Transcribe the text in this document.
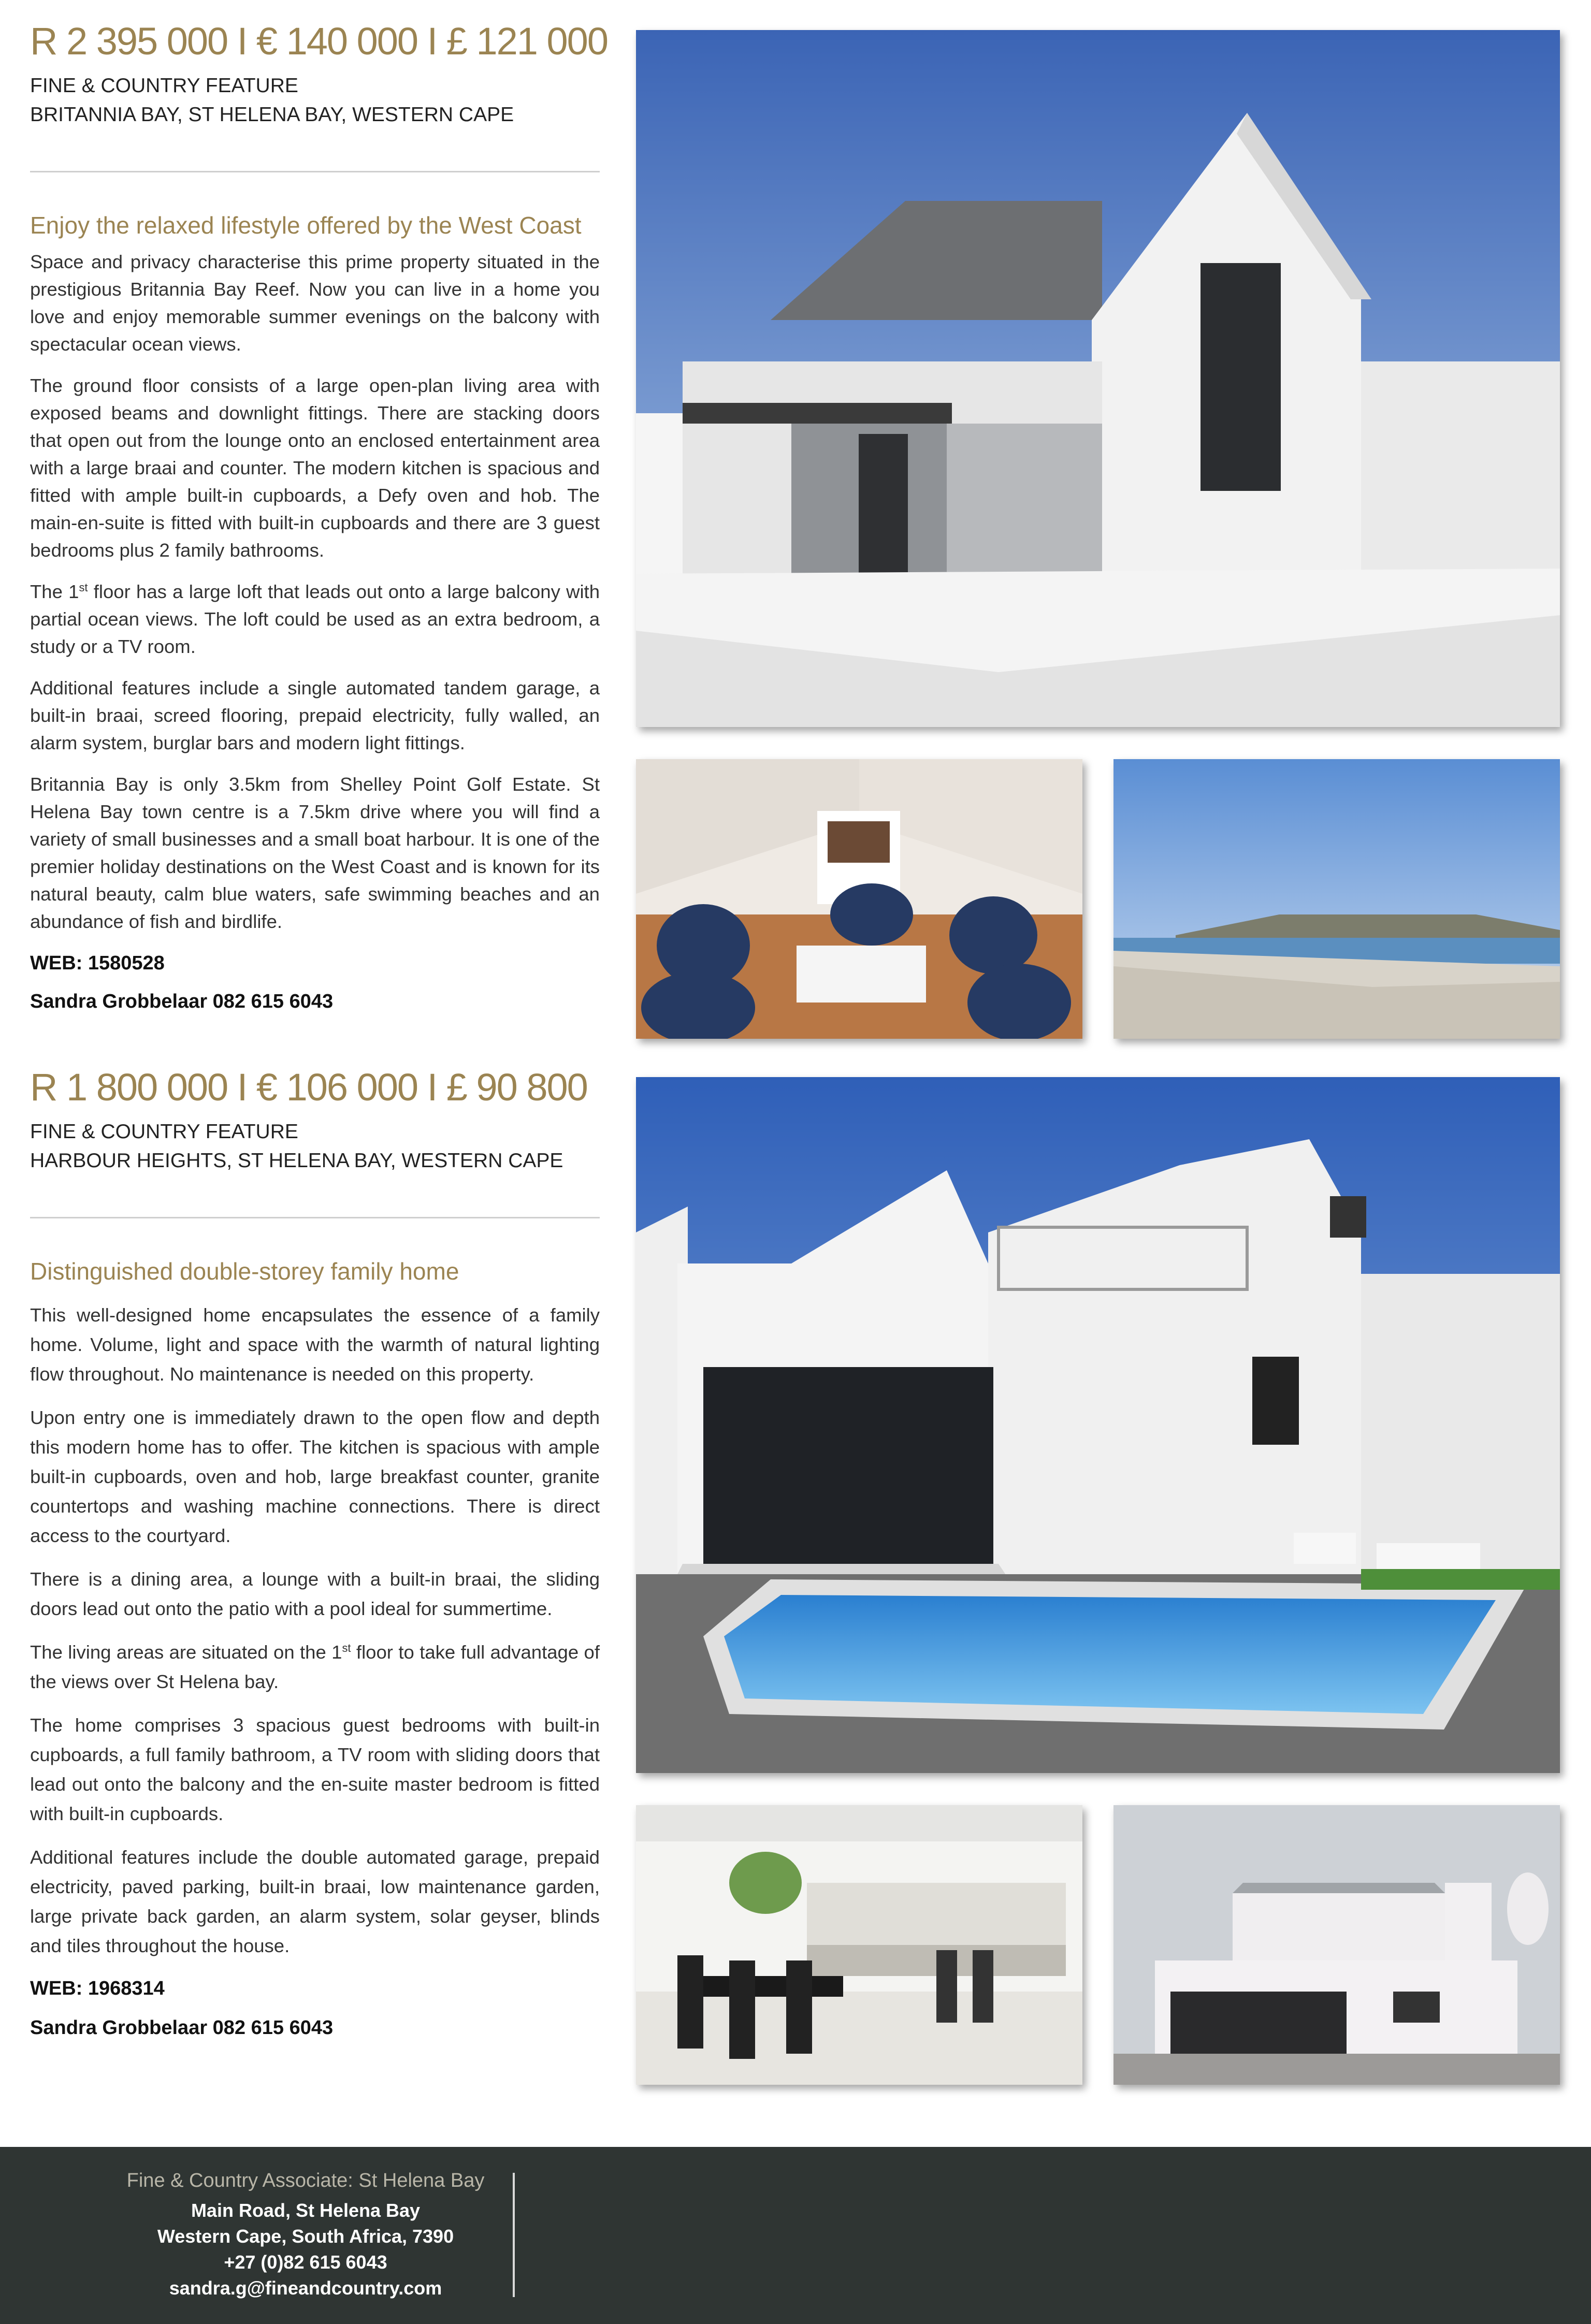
R 2 395 000 I € 140 000 I £ 121 000

FINE & COUNTRY FEATURE

BRITANNIA BAY, ST HELENA BAY, WESTERN CAPE

Enjoy the relaxed lifestyle offered by the West Coast

Space and privacy characterise this prime property situated in the prestigious Britannia Bay Reef. Now you can live in a home you love and enjoy memorable summer evenings on the balcony with spectacular ocean views.

The ground floor consists of a large open-plan living area with exposed beams and downlight fittings. There are stacking doors that open out from the lounge onto an enclosed entertainment area with a large braai and counter. The modern kitchen is spacious and fitted with ample built-in cupboards, a Defy oven and hob. The main-en-suite is fitted with built-in cupboards and there are 3 guest bedrooms plus 2 family bathrooms.

The 1st floor has a large loft that leads out onto a large balcony with partial ocean views. The loft could be used as an extra bedroom, a study or a TV room.

Additional features include a single automated tandem garage, a built-in braai, screed flooring, prepaid electricity, fully walled, an alarm system, burglar bars and modern light fittings.

Britannia Bay is only 3.5km from Shelley Point Golf Estate. St Helena Bay town centre is a 7.5km drive where you will find a variety of small businesses and a small boat harbour. It is one of the premier holiday destinations on the West Coast and is known for its natural beauty, calm blue waters, safe swimming beaches and an abundance of fish and birdlife.

WEB: 1580528

Sandra Grobbelaar 082 615 6043

R 1 800 000 I € 106 000 I £ 90 800

FINE & COUNTRY FEATURE

HARBOUR HEIGHTS, ST HELENA BAY, WESTERN CAPE

Distinguished double-storey family home

This well-designed home encapsulates the essence of a family home. Volume, light and space with the warmth of natural lighting flow throughout. No maintenance is needed on this property.

Upon entry one is immediately drawn to the open flow and depth this modern home has to offer. The kitchen is spacious with ample built-in cupboards, oven and hob, large breakfast counter, granite countertops and washing machine connections. There is direct access to the courtyard.

There is a dining area, a lounge with a built-in braai, the sliding doors lead out onto the patio with a pool ideal for summertime.

The living areas are situated on the 1st floor to take full advantage of the views over St Helena bay.

The home comprises 3 spacious guest bedrooms with built-in cupboards, a full family bathroom, a TV room with sliding doors that lead out onto the balcony and the en-suite master bedroom is fitted with built-in cupboards.

Additional features include the double automated garage, prepaid electricity, paved parking, built-in braai, low maintenance garden, large private back garden, an alarm system, solar geyser, blinds and tiles throughout the house.

WEB: 1968314

Sandra Grobbelaar 082 615 6043

Fine & Country Associate: St Helena Bay

Main Road, St Helena Bay

Western Cape, South Africa, 7390

+27 (0)82 615 6043

sandra.g@fineandcountry.com
